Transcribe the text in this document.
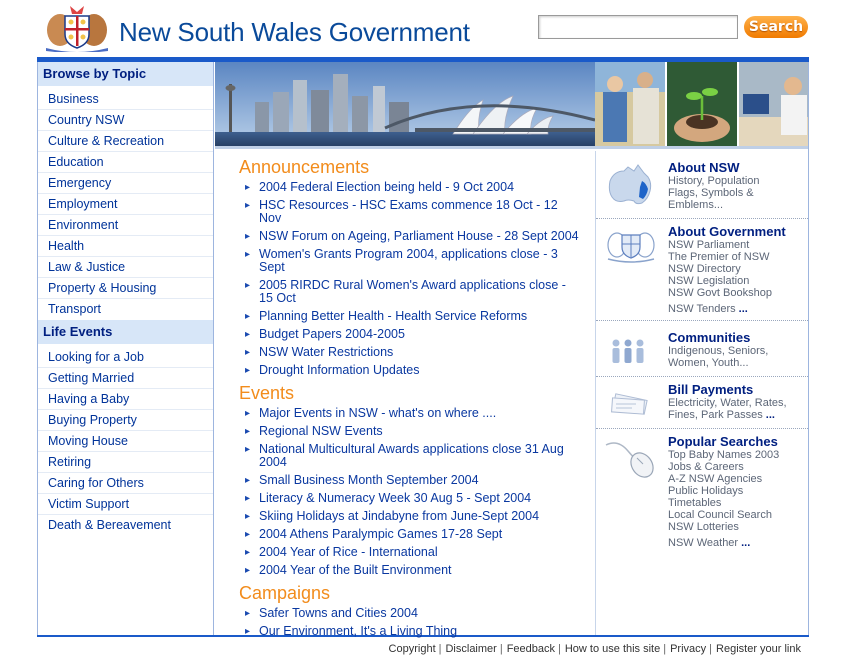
New South Wales Government	Search
Browse by Topic
Business
Country NSW
Culture & Recreation
Education
Emergency
Employment
Environment
Health
Law & Justice
Property & Housing
Transport
Life Events
Looking for a Job
Getting Married
Having a Baby
Buying Property
Moving House
Retiring
Caring for Others
Victim Support
Death & Bereavement
Announcements
▸ 2004 Federal Election being held - 9 Oct 2004
▸ HSC Resources - HSC Exams commence 18 Oct - 12 Nov
▸ NSW Forum on Ageing, Parliament House - 28 Sept 2004
▸ Women's Grants Program 2004, applications close - 3 Sept
▸ 2005 RIRDC Rural Women's Award applications close - 15 Oct
▸ Planning Better Health - Health Service Reforms
▸ Budget Papers 2004-2005
▸ NSW Water Restrictions
▸ Drought Information Updates
Events
▸ Major Events in NSW - what's on where ....
▸ Regional NSW Events
▸ National Multicultural Awards applications close 31 Aug 2004
▸ Small Business Month September 2004
▸ Literacy & Numeracy Week 30 Aug 5 - Sept 2004
▸ Skiing Holidays at Jindabyne from June-Sept 2004
▸ 2004 Athens Paralympic Games 17-28 Sept
▸ 2004 Year of Rice - International
▸ 2004 Year of the Built Environment
Campaigns
▸ Safer Towns and Cities 2004
▸ Our Environment, It's a Living Thing
About NSW
History, Population
Flags, Symbols &
Emblems...
About Government
NSW Parliament
The Premier of NSW
NSW Directory
NSW Legislation
NSW Govt Bookshop
NSW Tenders ...
Communities
Indigenous, Seniors,
Women, Youth...
Bill Payments
Electricity, Water, Rates,
Fines, Park Passes ...
Popular Searches
Top Baby Names 2003
Jobs & Careers
A-Z NSW Agencies
Public Holidays
Timetables
Local Council Search
NSW Lotteries
NSW Weather ...
Copyright | Disclaimer | Feedback | How to use this site | Privacy | Register your link
